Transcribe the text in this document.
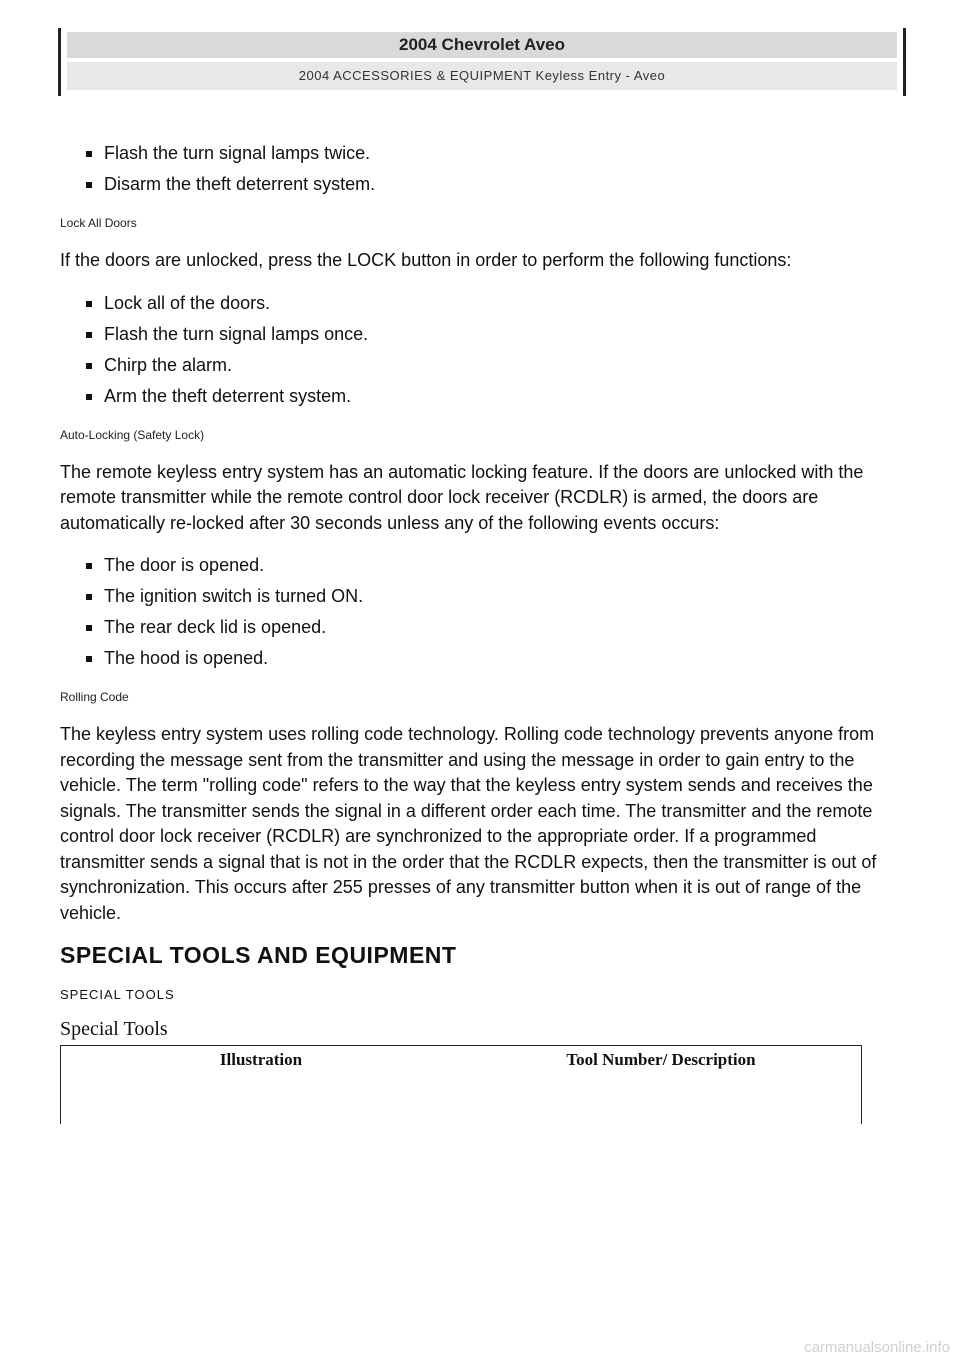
2004 Chevrolet Aveo
2004 ACCESSORIES & EQUIPMENT Keyless Entry - Aveo
Flash the turn signal lamps twice.
Disarm the theft deterrent system.
Lock All Doors

If the doors are unlocked, press the LOCK button in order to perform the following functions:

Lock all of the doors.
Flash the turn signal lamps once.
Chirp the alarm.
Arm the theft deterrent system.
Auto-Locking (Safety Lock)

The remote keyless entry system has an automatic locking feature. If the doors are unlocked with the remote transmitter while the remote control door lock receiver (RCDLR) is armed, the doors are automatically re-locked after 30 seconds unless any of the following events occurs:

The door is opened.
The ignition switch is turned ON.
The rear deck lid is opened.
The hood is opened.
Rolling Code

The keyless entry system uses rolling code technology. Rolling code technology prevents anyone from recording the message sent from the transmitter and using the message in order to gain entry to the vehicle. The term "rolling code" refers to the way that the keyless entry system sends and receives the signals. The transmitter sends the signal in a different order each time. The transmitter and the remote control door lock receiver (RCDLR) are synchronized to the appropriate order. If a programmed transmitter sends a signal that is not in the order that the RCDLR expects, then the transmitter is out of synchronization. This occurs after 255 presses of any transmitter button when it is out of range of the vehicle.

SPECIAL TOOLS AND EQUIPMENT
SPECIAL TOOLS
Special Tools
Illustration	Tool Number/ Description
carmanualsonline.info
